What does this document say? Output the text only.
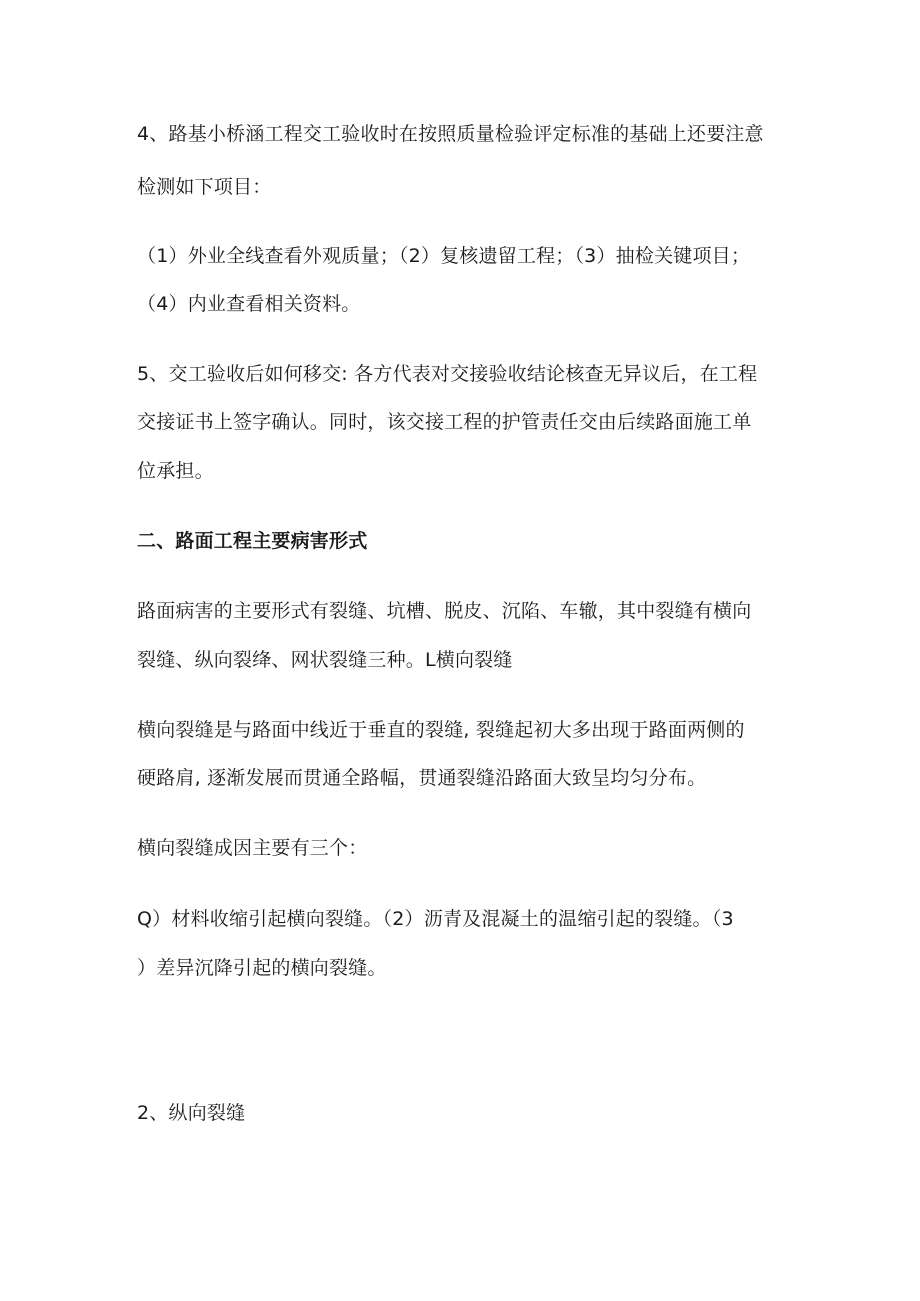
4、路基小桥涵工程交工验收时在按照质量检验评定标准的基础上还要注意
检测如下项目：
（1）外业全线查看外观质量；（2）复核遗留工程；（3）抽检关键项目；
（4）内业查看相关资料。
5、交工验收后如何移交: 各方代表对交接验收结论核查无异议后，在工程
交接证书上签字确认。同时，该交接工程的护管责任交由后续路面施工单
位承担。
二、路面工程主要病害形式
路面病害的主要形式有裂缝、坑槽、脱皮、沉陷、车辙，其中裂缝有横向
裂缝、纵向裂绛、网状裂缝三种。L横向裂缝
横向裂缝是与路面中线近于垂直的裂缝, 裂缝起初大多出现于路面两侧的
硬路肩, 逐渐发展而贯通全路幅，贯通裂缝沿路面大致呈均匀分布。
横向裂缝成因主要有三个：
Q）材料收缩引起横向裂缝。（2）沥青及混凝土的温缩引起的裂缝。（3
）差异沉降引起的横向裂缝。
2、纵向裂缝
